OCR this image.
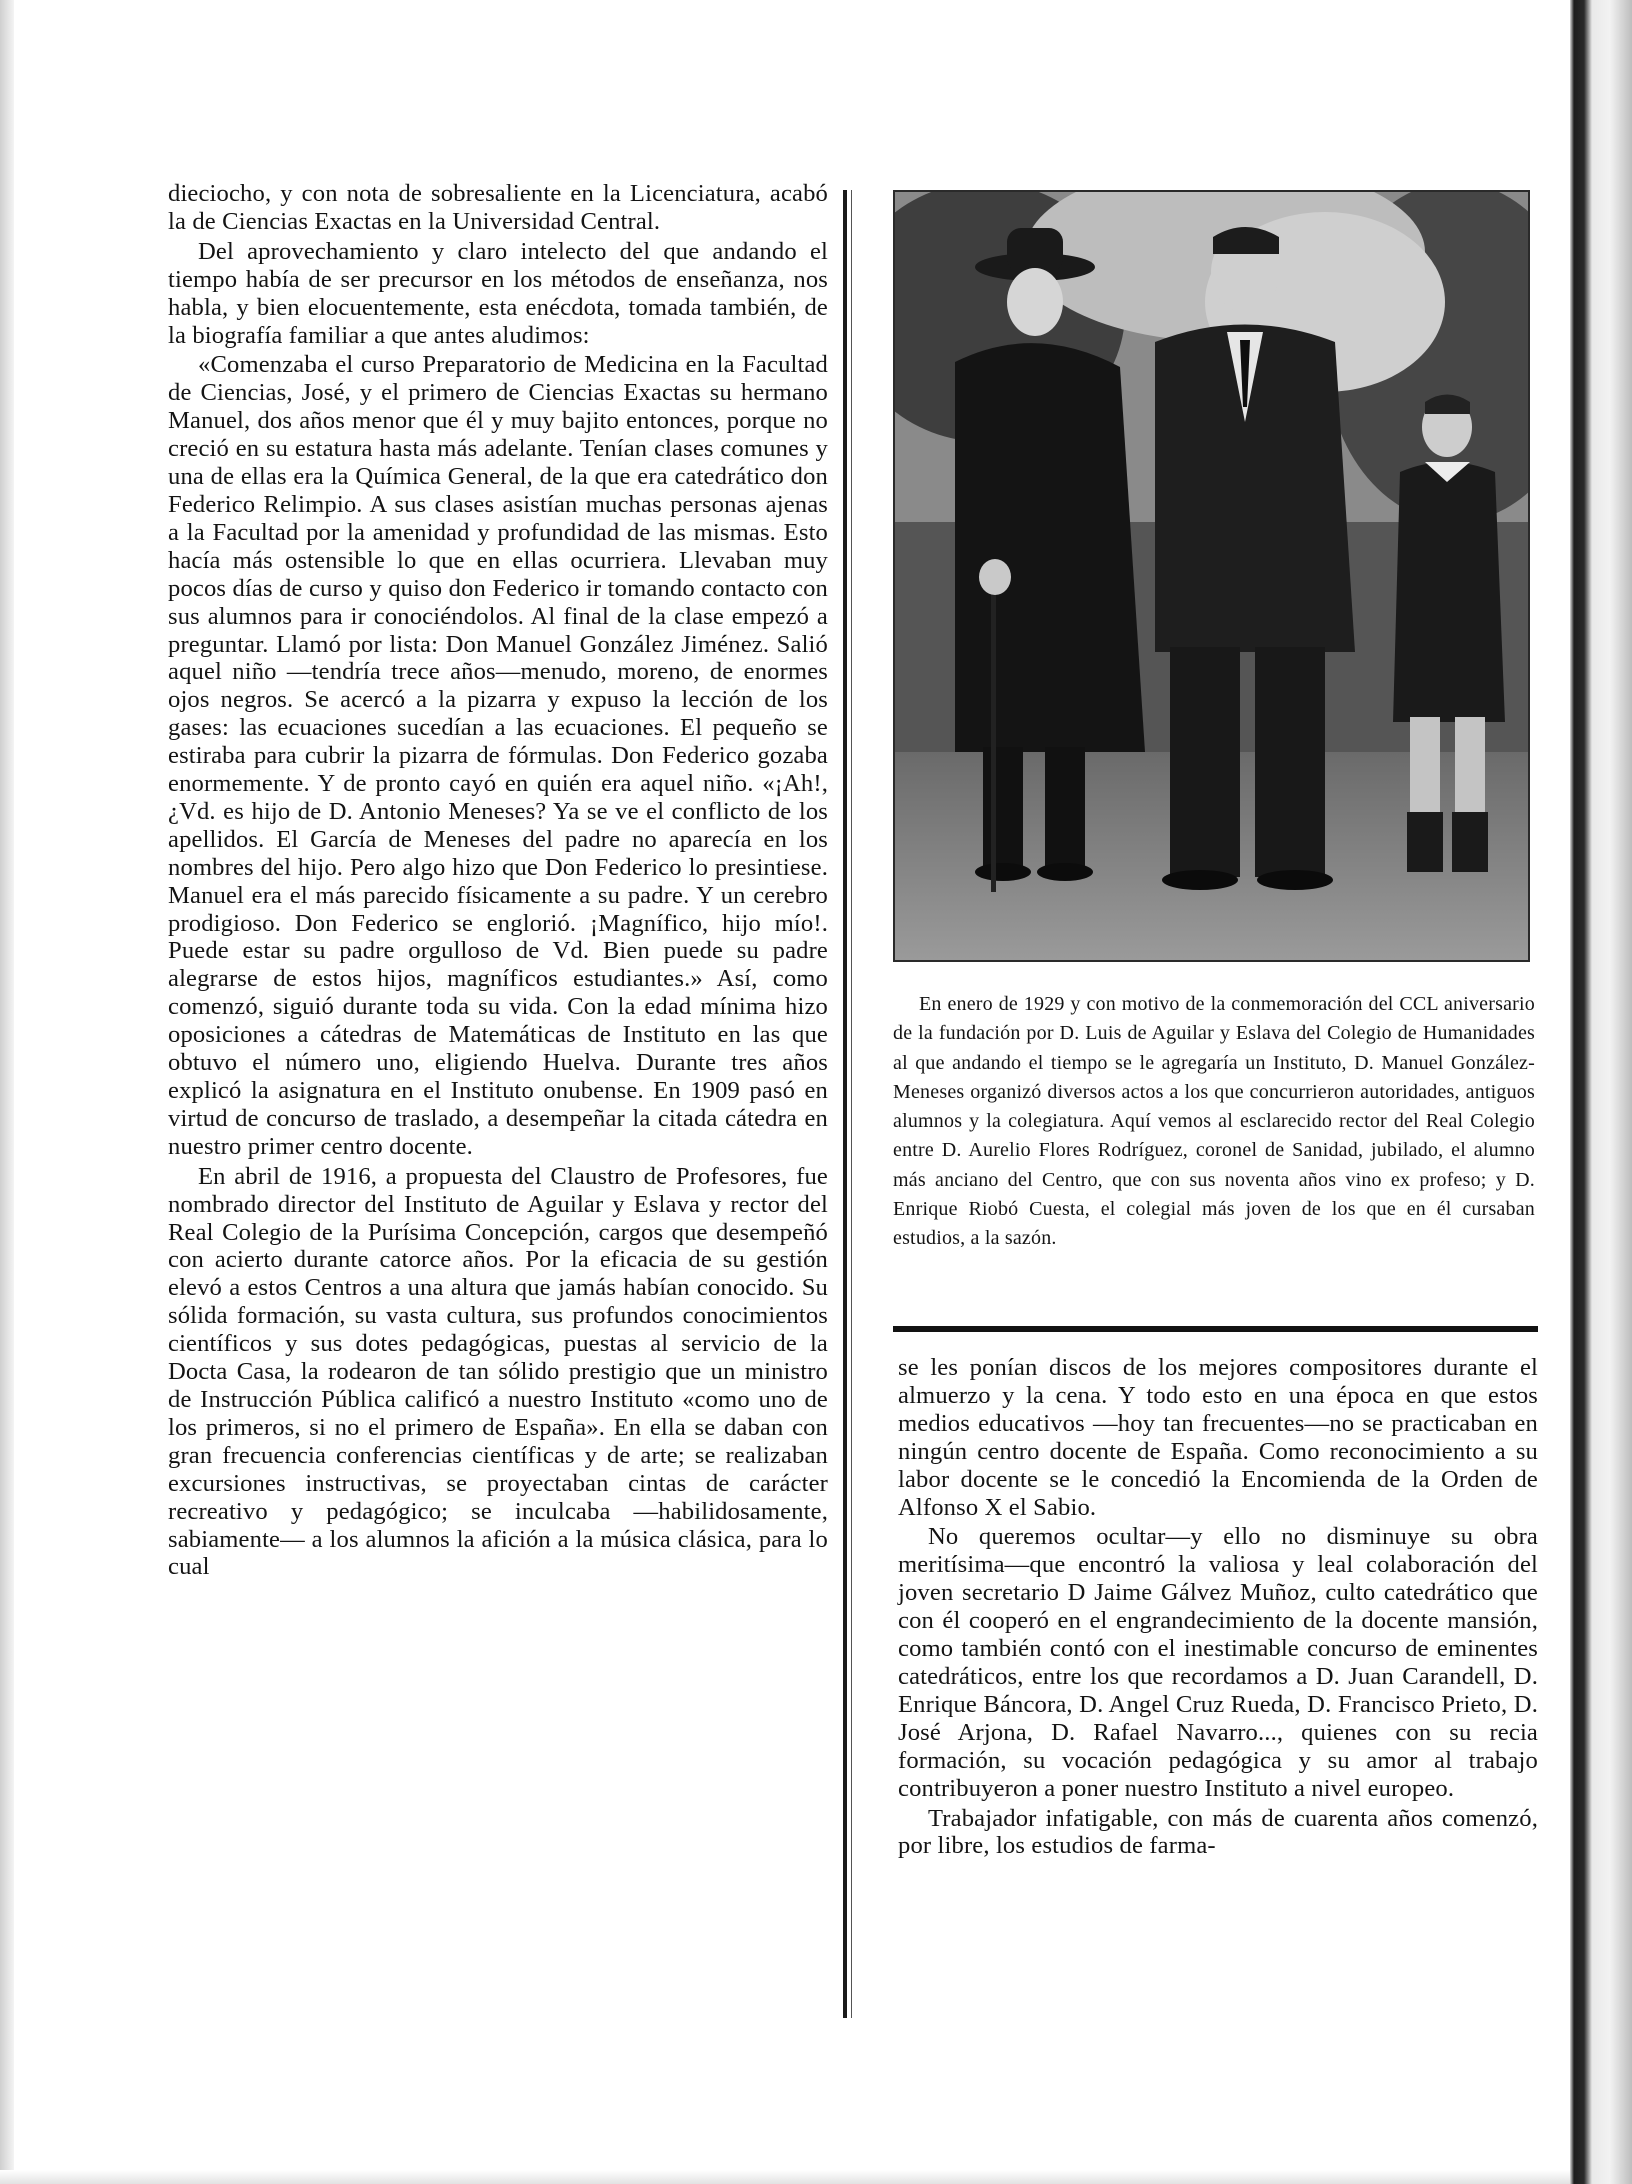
dieciocho, y con nota de sobresaliente en la Licenciatura, acabó la de Ciencias Exactas en la Universidad Central.

Del aprovechamiento y claro intelecto del que andando el tiempo había de ser precursor en los métodos de enseñanza, nos habla, y bien elocuentemente, esta enécdota, tomada también, de la biografía familiar a que antes aludimos:

«Comenzaba el curso Preparatorio de Medicina en la Facultad de Ciencias, José, y el primero de Ciencias Exactas su hermano Manuel, dos años menor que él y muy bajito entonces, porque no creció en su estatura hasta más adelante. Tenían clases comunes y una de ellas era la Química General, de la que era catedrático don Federico Relimpio. A sus clases asistían muchas personas ajenas a la Facultad por la amenidad y profundidad de las mismas. Esto hacía más ostensible lo que en ellas ocurriera. Llevaban muy pocos días de curso y quiso don Federico ir tomando contacto con sus alumnos para ir conociéndolos. Al final de la clase empezó a preguntar. Llamó por lista: Don Manuel González Jiménez. Salió aquel niño —tendría trece años—menudo, moreno, de enormes ojos negros. Se acercó a la pizarra y expuso la lección de los gases: las ecuaciones sucedían a las ecuaciones. El pequeño se estiraba para cubrir la pizarra de fórmulas. Don Federico gozaba enormemente. Y de pronto cayó en quién era aquel niño. «¡Ah!, ¿Vd. es hijo de D. Antonio Meneses? Ya se ve el conflicto de los apellidos. El García de Meneses del padre no aparecía en los nombres del hijo. Pero algo hizo que Don Federico lo presintiese. Manuel era el más parecido físicamente a su padre. Y un cerebro prodigioso. Don Federico se englorió. ¡Magnífico, hijo mío!. Puede estar su padre orgulloso de Vd. Bien puede su padre alegrarse de estos hijos, magníficos estudiantes.» Así, como comenzó, siguió durante toda su vida. Con la edad mínima hizo oposiciones a cátedras de Matemáticas de Instituto en las que obtuvo el número uno, eligiendo Huelva. Durante tres años explicó la asignatura en el Instituto onubense. En 1909 pasó en virtud de concurso de traslado, a desempeñar la citada cátedra en nuestro primer centro docente.

En abril de 1916, a propuesta del Claustro de Profesores, fue nombrado director del Instituto de Aguilar y Eslava y rector del Real Colegio de la Purísima Concepción, cargos que desempeñó con acierto durante catorce años. Por la eficacia de su gestión elevó a estos Centros a una altura que jamás habían conocido. Su sólida formación, su vasta cultura, sus profundos conocimientos científicos y sus dotes pedagógicas, puestas al servicio de la Docta Casa, la rodearon de tan sólido prestigio que un ministro de Instrucción Pública calificó a nuestro Instituto «como uno de los primeros, si no el primero de España». En ella se daban con gran frecuencia conferencias científicas y de arte; se realizaban excursiones instructivas, se proyectaban cintas de carácter recreativo y pedagógico; se inculcaba —habilidosamente, sabiamente— a los alumnos la afición a la música clásica, para lo cual

En enero de 1929 y con motivo de la conmemoración del CCL aniversario de la fundación por D. Luis de Aguilar y Eslava del Colegio de Humanidades al que andando el tiempo se le agregaría un Instituto, D. Manuel González-Meneses organizó diversos actos a los que concurrieron autoridades, antiguos alumnos y la colegiatura. Aquí vemos al esclarecido rector del Real Colegio entre D. Aurelio Flores Rodríguez, coronel de Sanidad, jubilado, el alumno más anciano del Centro, que con sus noventa años vino ex profeso; y D. Enrique Riobó Cuesta, el colegial más joven de los que en él cursaban estudios, a la sazón.

se les ponían discos de los mejores compositores durante el almuerzo y la cena. Y todo esto en una época en que estos medios educativos —hoy tan frecuentes—no se practicaban en ningún centro docente de España. Como reconocimiento a su labor docente se le concedió la Encomienda de la Orden de Alfonso X el Sabio.

No queremos ocultar—y ello no disminuye su obra meritísima—que encontró la valiosa y leal colaboración del joven secretario D Jaime Gálvez Muñoz, culto catedrático que con él cooperó en el engrandecimiento de la docente mansión, como también contó con el inestimable concurso de eminentes catedráticos, entre los que recordamos a D. Juan Carandell, D. Enrique Báncora, D. Angel Cruz Rueda, D. Francisco Prieto, D. José Arjona, D. Rafael Navarro..., quienes con su recia formación, su vocación pedagógica y su amor al trabajo contribuyeron a poner nuestro Instituto a nivel europeo.

Trabajador infatigable, con más de cuarenta años comenzó, por libre, los estudios de farma-
